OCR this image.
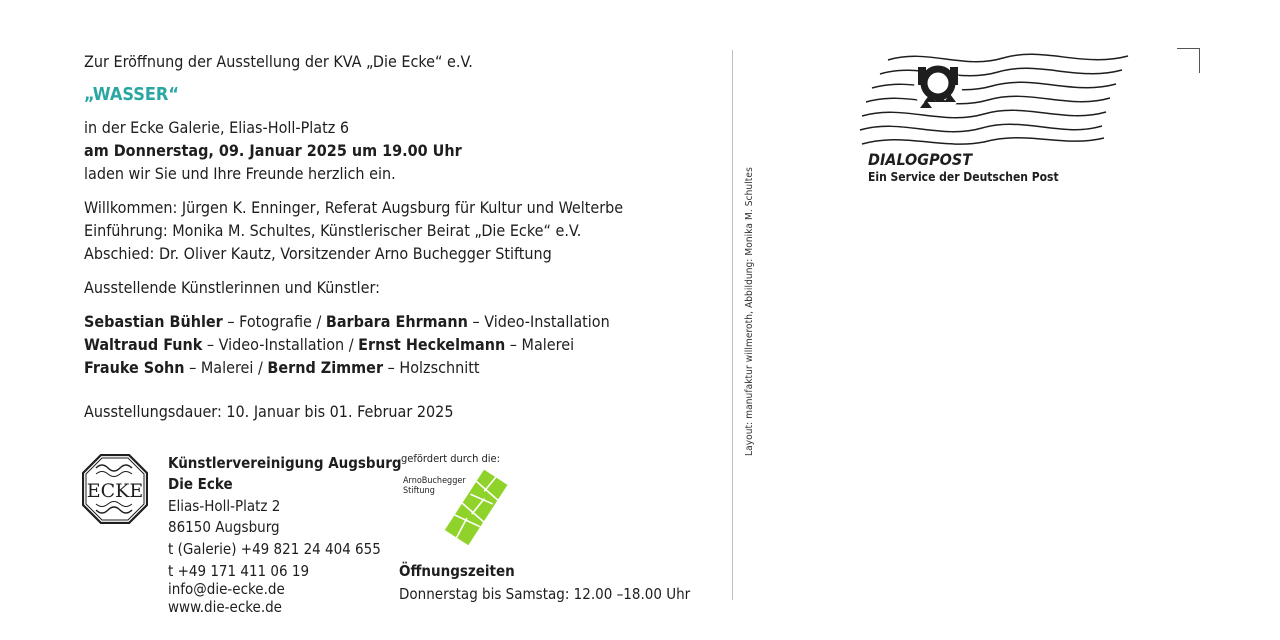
Zur Eröffnung der Ausstellung der KVA „Die Ecke“ e.V.
„WASSER“
in der Ecke Galerie, Elias-Holl-Platz 6
am Donnerstag, 09. Januar 2025 um 19.00 Uhr
laden wir Sie und Ihre Freunde herzlich ein.
Willkommen: Jürgen K. Enninger, Referat Augsburg für Kultur und Welterbe
Einführung: Monika M. Schultes, Künstlerischer Beirat „Die Ecke“ e.V.
Abschied: Dr. Oliver Kautz, Vorsitzender Arno Buchegger Stiftung
Ausstellende Künstlerinnen und Künstler:
Sebastian Bühler – Fotografie / Barbara Ehrmann – Video-Installation
Waltraud Funk – Video-Installation / Ernst Heckelmann – Malerei
Frauke Sohn – Malerei / Bernd Zimmer – Holzschnitt
Ausstellungsdauer: 10. Januar bis 01. Februar 2025
ECKE
Künstlervereinigung Augsburg
Die Ecke
Elias-Holl-Platz 2
86150 Augsburg
t (Galerie) +49 821 24 404 655
t +49 171 411 06 19
info@die-ecke.de
www.die-ecke.de
gefördert durch die:
ArnoBuchegger
Stiftung
Öffnungszeiten
Donnerstag bis Samstag: 12.00 –18.00 Uhr
Layout: manufaktur willmeroth, Abbildung: Monika M. Schultes
DIALOGPOST
Ein Service der Deutschen Post
